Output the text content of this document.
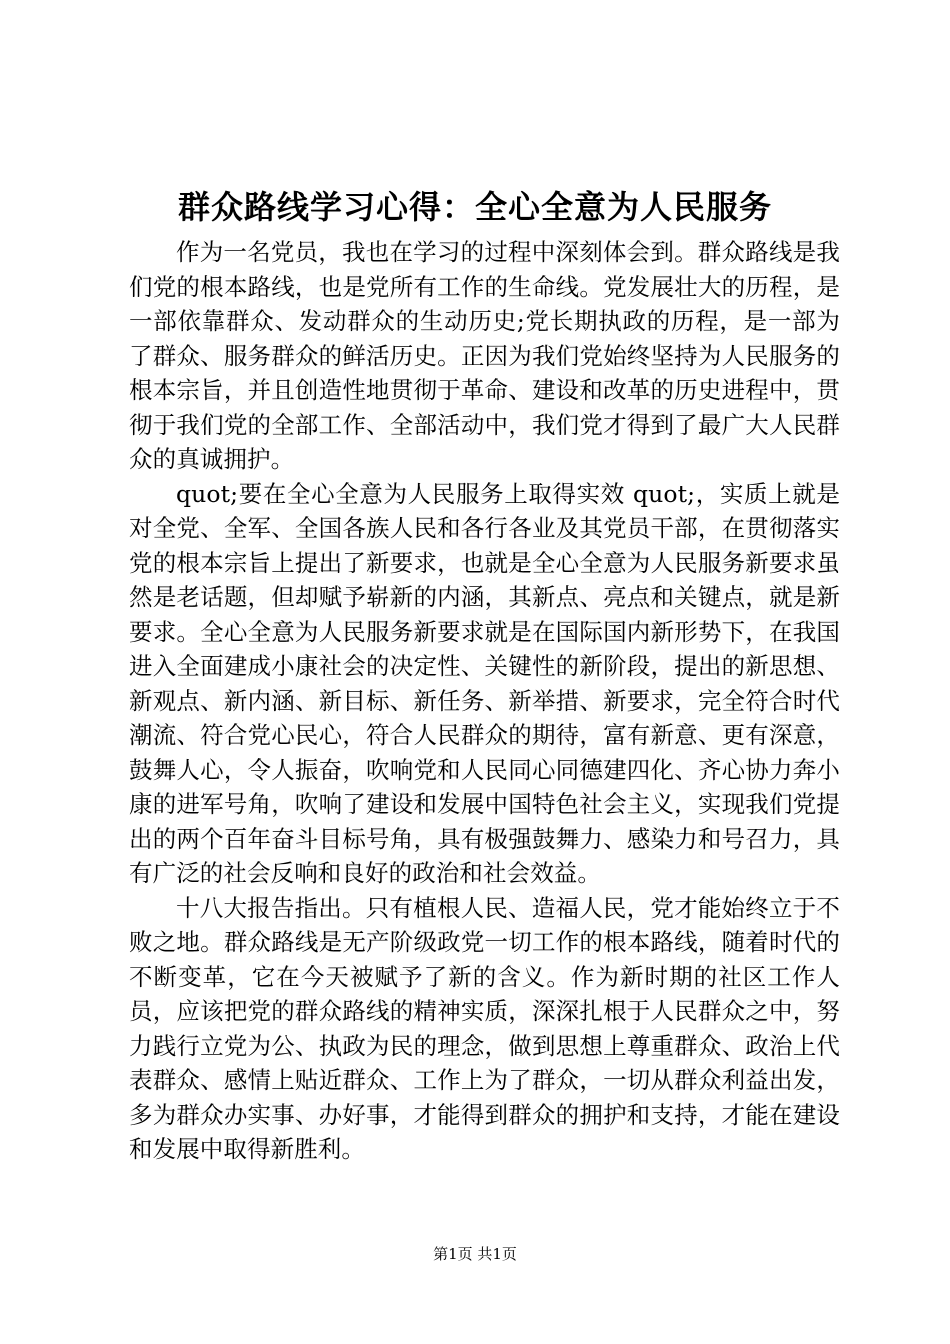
群众路线学习心得：全心全意为人民服务

作为一名党员，我也在学习的过程中深刻体会到。群众路线是我们党的根本路线，也是党所有工作的生命线。党发展壮大的历程，是一部依靠群众、发动群众的生动历史;党长期执政的历程，是一部为了群众、服务群众的鲜活历史。正因为我们党始终坚持为人民服务的根本宗旨，并且创造性地贯彻于革命、建设和改革的历史进程中，贯彻于我们党的全部工作、全部活动中，我们党才得到了最广大人民群众的真诚拥护。

quot;要在全心全意为人民服务上取得实效 quot;，实质上就是对全党、全军、全国各族人民和各行各业及其党员干部，在贯彻落实党的根本宗旨上提出了新要求，也就是全心全意为人民服务新要求虽然是老话题，但却赋予崭新的内涵，其新点、亮点和关键点，就是新要求。全心全意为人民服务新要求就是在国际国内新形势下，在我国进入全面建成小康社会的决定性、关键性的新阶段，提出的新思想、新观点、新内涵、新目标、新任务、新举措、新要求，完全符合时代潮流、符合党心民心，符合人民群众的期待，富有新意、更有深意，鼓舞人心，令人振奋，吹响党和人民同心同德建四化、齐心协力奔小康的进军号角，吹响了建设和发展中国特色社会主义，实现我们党提出的两个百年奋斗目标号角，具有极强鼓舞力、感染力和号召力，具有广泛的社会反响和良好的政治和社会效益。

十八大报告指出。只有植根人民、造福人民，党才能始终立于不败之地。群众路线是无产阶级政党一切工作的根本路线，随着时代的不断变革，它在今天被赋予了新的含义。作为新时期的社区工作人员，应该把党的群众路线的精神实质，深深扎根于人民群众之中，努力践行立党为公、执政为民的理念，做到思想上尊重群众、政治上代表群众、感情上贴近群众、工作上为了群众，一切从群众利益出发，多为群众办实事、办好事，才能得到群众的拥护和支持，才能在建设和发展中取得新胜利。

第1页 共1页
